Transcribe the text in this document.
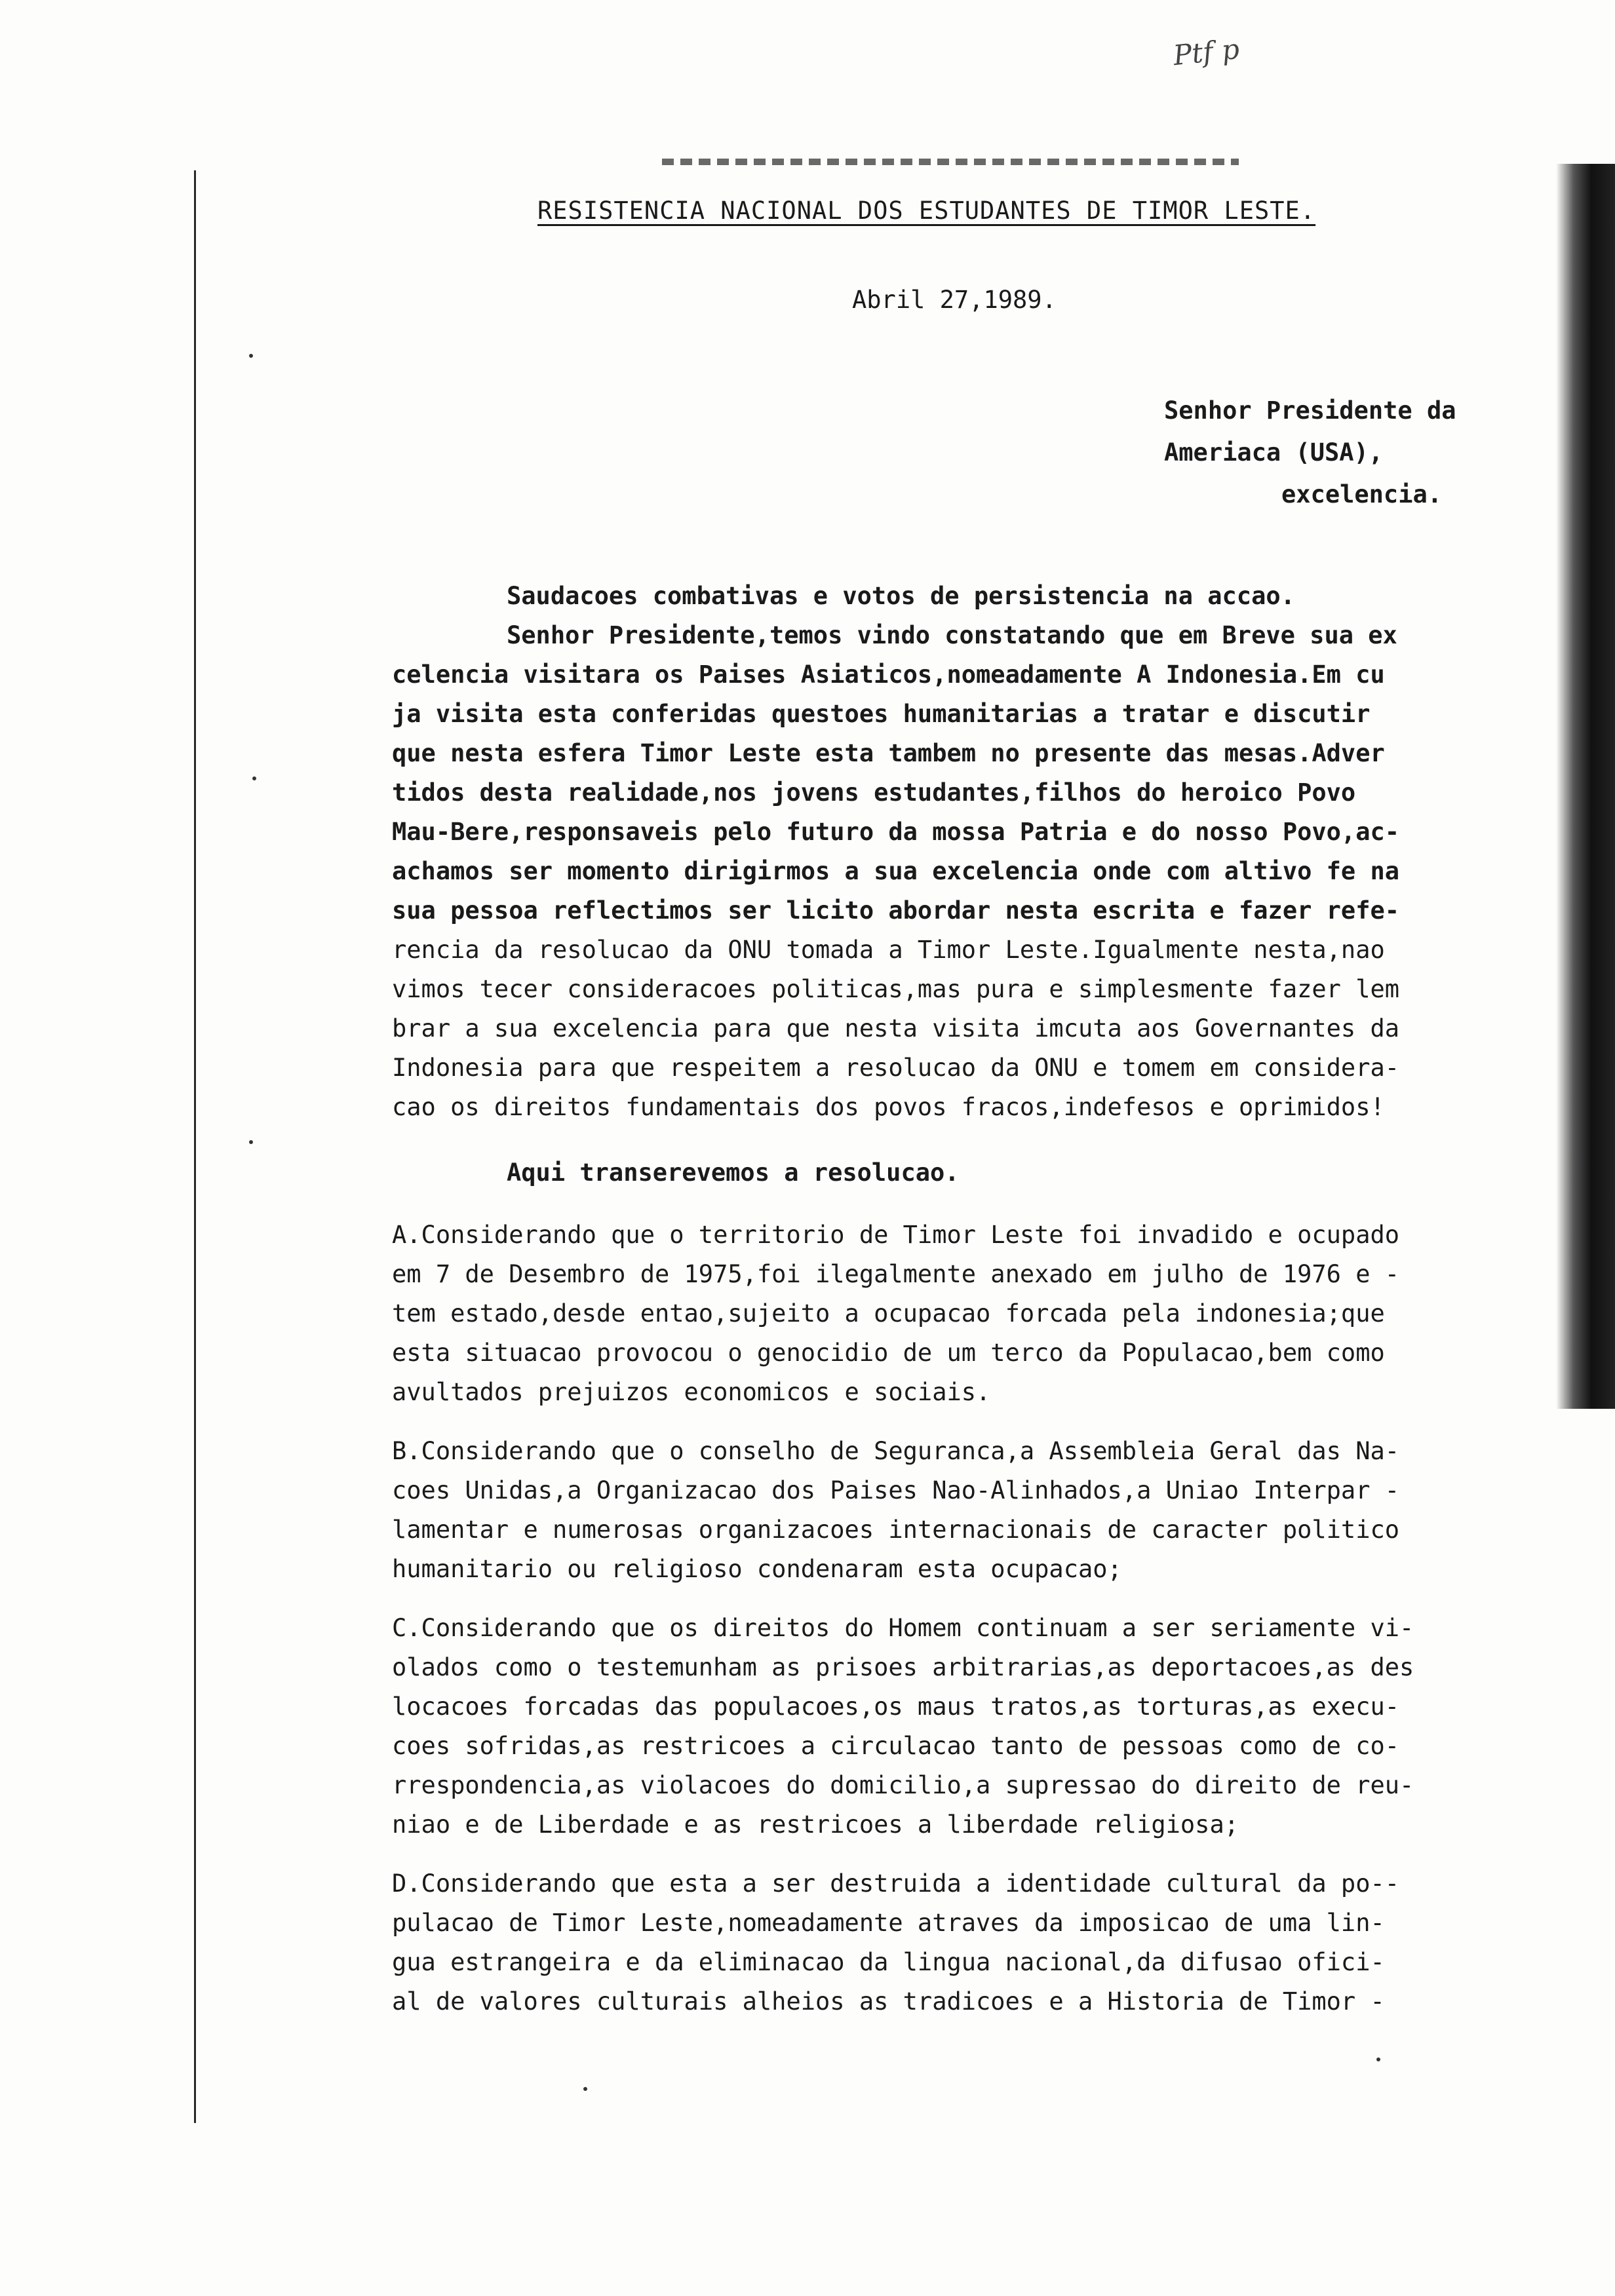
Ptf p
RESISTENCIA NACIONAL DOS ESTUDANTES DE TIMOR LESTE.
Abril 27,1989.
Senhor Presidente da
Ameriaca (USA),
excelencia.
Saudacoes combativas e votos de persistencia na accao.
Senhor Presidente,temos vindo constatando que em Breve sua ex
celencia visitara os Paises Asiaticos,nomeadamente A Indonesia.Em cu
ja visita esta conferidas questoes humanitarias a tratar e discutir
que nesta esfera Timor Leste esta tambem no presente das mesas.Adver
tidos desta realidade,nos jovens estudantes,filhos do heroico Povo
Mau-Bere,responsaveis pelo futuro da mossa Patria e do nosso Povo,ac-
achamos ser momento dirigirmos a sua excelencia onde com altivo fe na
sua pessoa reflectimos ser licito abordar nesta escrita e fazer refe-
rencia da resolucao da ONU tomada a Timor Leste.Igualmente nesta,nao
vimos tecer consideracoes politicas,mas pura e simplesmente fazer lem
brar a sua excelencia para que nesta visita imcuta aos Governantes da
Indonesia para que respeitem a resolucao da ONU e tomem em considera-
cao os direitos fundamentais dos povos fracos,indefesos e oprimidos!
Aqui transerevemos a resolucao.
A.Considerando que o territorio de Timor Leste foi invadido e ocupado
em 7 de Desembro de 1975,foi ilegalmente anexado em julho de 1976 e -
tem estado,desde entao,sujeito a ocupacao forcada pela indonesia;que
esta situacao provocou o genocidio de um terco da Populacao,bem como
avultados prejuizos economicos e sociais.
B.Considerando que o conselho de Seguranca,a Assembleia Geral das Na-
coes Unidas,a Organizacao dos Paises Nao-Alinhados,a Uniao Interpar -
lamentar e numerosas organizacoes internacionais de caracter politico
humanitario ou religioso condenaram esta ocupacao;
C.Considerando que os direitos do Homem continuam a ser seriamente vi-
olados como o testemunham as prisoes arbitrarias,as deportacoes,as des
locacoes forcadas das populacoes,os maus tratos,as torturas,as execu-
coes sofridas,as restricoes a circulacao tanto de pessoas como de co-
rrespondencia,as violacoes do domicilio,a supressao do direito de reu-
niao e de Liberdade e as restricoes a liberdade religiosa;
D.Considerando que esta a ser destruida a identidade cultural da po--
pulacao de Timor Leste,nomeadamente atraves da imposicao de uma lin-
gua estrangeira e da eliminacao da lingua nacional,da difusao ofici-
al de valores culturais alheios as tradicoes e a Historia de Timor -
